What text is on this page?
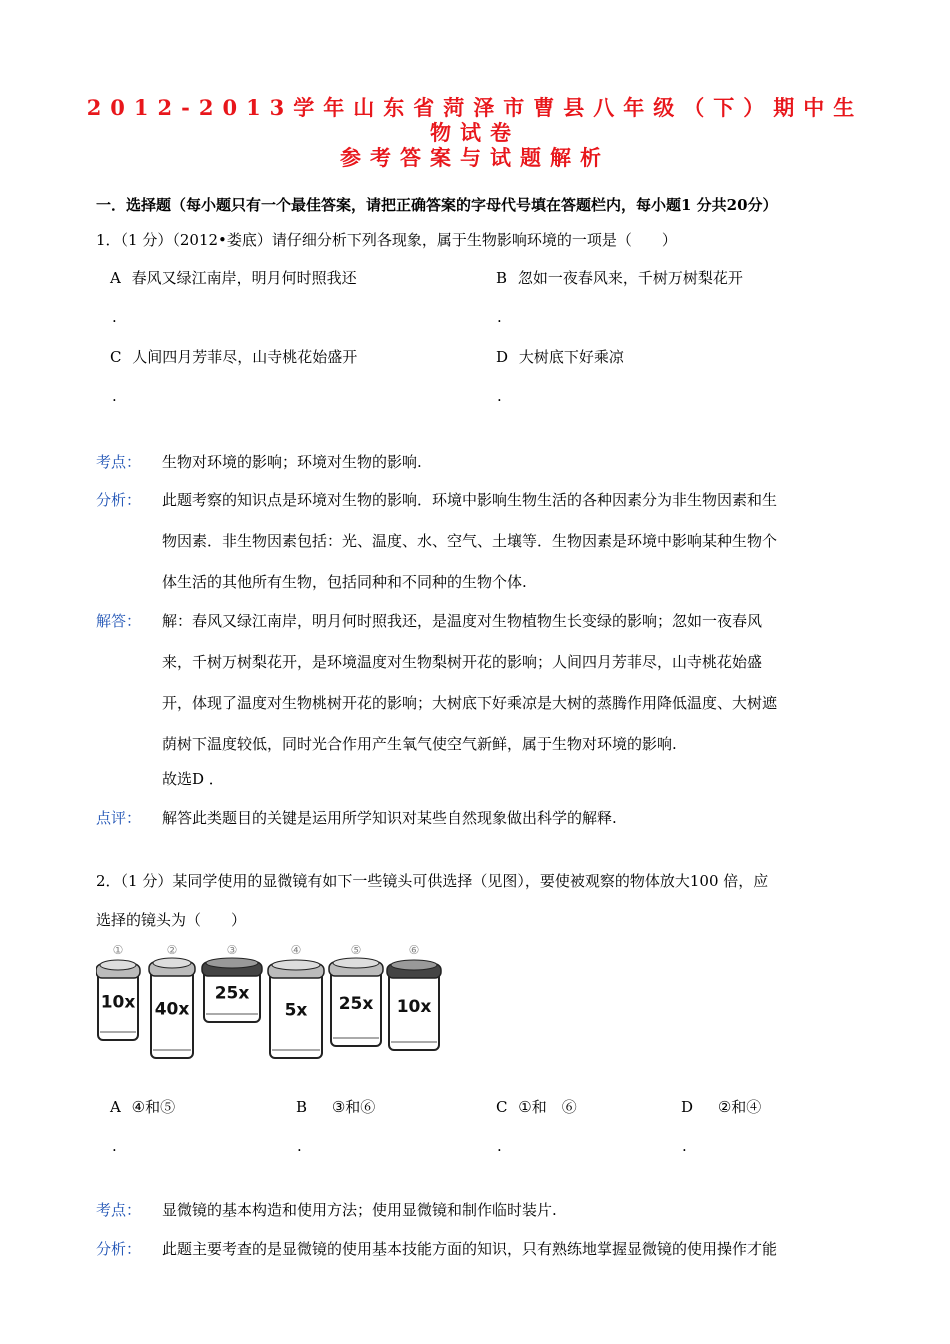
2012-2013学年山东省菏泽市曹县八年级（下）期中生
物试卷
参考答案与试题解析
一．选择题（每小题只有一个最佳答案，请把正确答案的字母代号填在答题栏内，每小题1 分共20分）
1．（1 分）（2012•娄底）请仔细分析下列各现象，属于生物影响环境的一项是（　　）
A 春风又绿江南岸，明月何时照我还	B 忽如一夜春风来，千树万树梨花开
.	.
C 人间四月芳菲尽，山寺桃花始盛开	D 大树底下好乘凉
.	.
考点： 生物对环境的影响；环境对生物的影响.
分析： 此题考察的知识点是环境对生物的影响．环境中影响生物生活的各种因素分为非生物因素和生
物因素．非生物因素包括：光、温度、水、空气、土壤等．生物因素是环境中影响某种生物个
体生活的其他所有生物，包括同种和不同种的生物个体.
解答： 解：春风又绿江南岸，明月何时照我还，是温度对生物植物生长变绿的影响；忽如一夜春风
来，千树万树梨花开，是环境温度对生物梨树开花的影响；人间四月芳菲尽，山寺桃花始盛
开，体现了温度对生物桃树开花的影响；大树底下好乘凉是大树的蒸腾作用降低温度、大树遮
荫树下温度较低，同时光合作用产生氧气使空气新鲜，属于生物对环境的影响.
故选D ．
点评： 解答此类题目的关键是运用所学知识对某些自然现象做出科学的解释.
2．（1 分）某同学使用的显微镜有如下一些镜头可供选择（见图），要使被观察的物体放大100 倍，应
选择的镜头为（　　）
①
10x
②
40x
③
25x
④
5x
⑤
25x
⑥
10x
A ④和⑤	B ③和⑥	C ①和　⑥	D ②和④
.	.	.	.
考点： 显微镜的基本构造和使用方法；使用显微镜和制作临时装片.
分析： 此题主要考查的是显微镜的使用基本技能方面的知识，只有熟练地掌握显微镜的使用操作才能
